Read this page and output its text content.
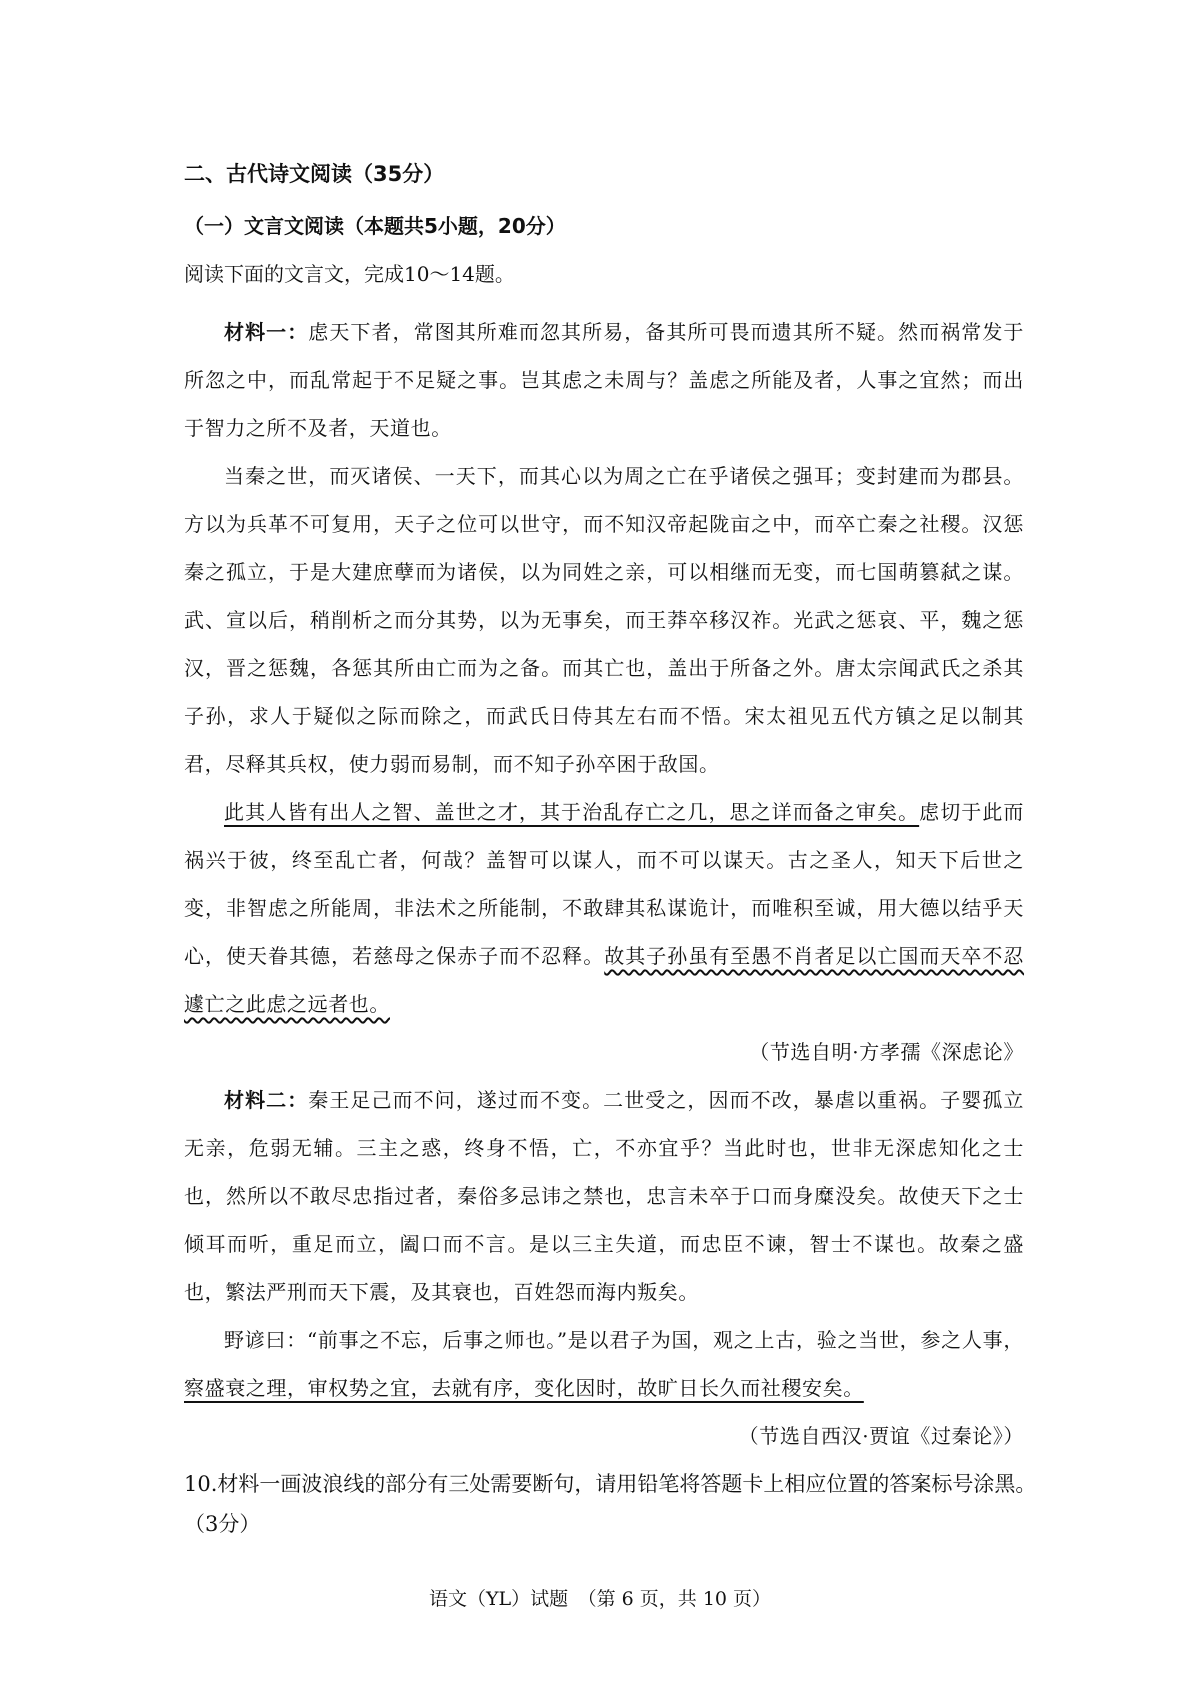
二、古代诗文阅读（35分）
（一）文言文阅读（本题共5小题，20分）
阅读下面的文言文，完成10～14题。

材料一：虑天下者，常图其所难而忽其所易，备其所可畏而遗其所不疑。然而祸常发于所忽之中，而乱常起于不足疑之事。岂其虑之未周与？盖虑之所能及者，人事之宜然；而出于智力之所不及者，天道也。

当秦之世，而灭诸侯、一天下，而其心以为周之亡在乎诸侯之强耳；变封建而为郡县。方以为兵革不可复用，天子之位可以世守，而不知汉帝起陇亩之中，而卒亡秦之社稷。汉惩秦之孤立，于是大建庶孽而为诸侯，以为同姓之亲，可以相继而无变，而七国萌篡弑之谋。武、宣以后，稍削析之而分其势，以为无事矣，而王莽卒移汉祚。光武之惩哀、平，魏之惩汉，晋之惩魏，各惩其所由亡而为之备。而其亡也，盖出于所备之外。唐太宗闻武氏之杀其子孙，求人于疑似之际而除之，而武氏日侍其左右而不悟。宋太祖见五代方镇之足以制其君，尽释其兵权，使力弱而易制，而不知子孙卒困于敌国。

此其人皆有出人之智、盖世之才，其于治乱存亡之几，思之详而备之审矣。虑切于此而祸兴于彼，终至乱亡者，何哉？盖智可以谋人，而不可以谋天。古之圣人，知天下后世之变，非智虑之所能周，非法术之所能制，不敢肆其私谋诡计，而唯积至诚，用大德以结乎天心，使天眷其德，若慈母之保赤子而不忍释。故其子孙虽有至愚不肖者足以亡国而天卒不忍遽亡之此虑之远者也。

（节选自明·方孝孺《深虑论》

材料二：秦王足己而不问，遂过而不变。二世受之，因而不改，暴虐以重祸。子婴孤立无亲，危弱无辅。三主之惑，终身不悟，亡，不亦宜乎？当此时也，世非无深虑知化之士也，然所以不敢尽忠指过者，秦俗多忌讳之禁也，忠言未卒于口而身糜没矣。故使天下之士倾耳而听，重足而立，阖口而不言。是以三主失道，而忠臣不谏，智士不谋也。故秦之盛也，繁法严刑而天下震，及其衰也，百姓怨而海内叛矣。

野谚曰：“前事之不忘，后事之师也。”是以君子为国，观之上古，验之当世，参之人事，察盛衰之理，审权势之宜，去就有序，变化因时，故旷日长久而社稷安矣。

（节选自西汉·贾谊《过秦论》）

10.材料一画波浪线的部分有三处需要断句，请用铅笔将答题卡上相应位置的答案标号涂黑。（3分）

语文（YL）试题　（第 6 页，共 10 页）
